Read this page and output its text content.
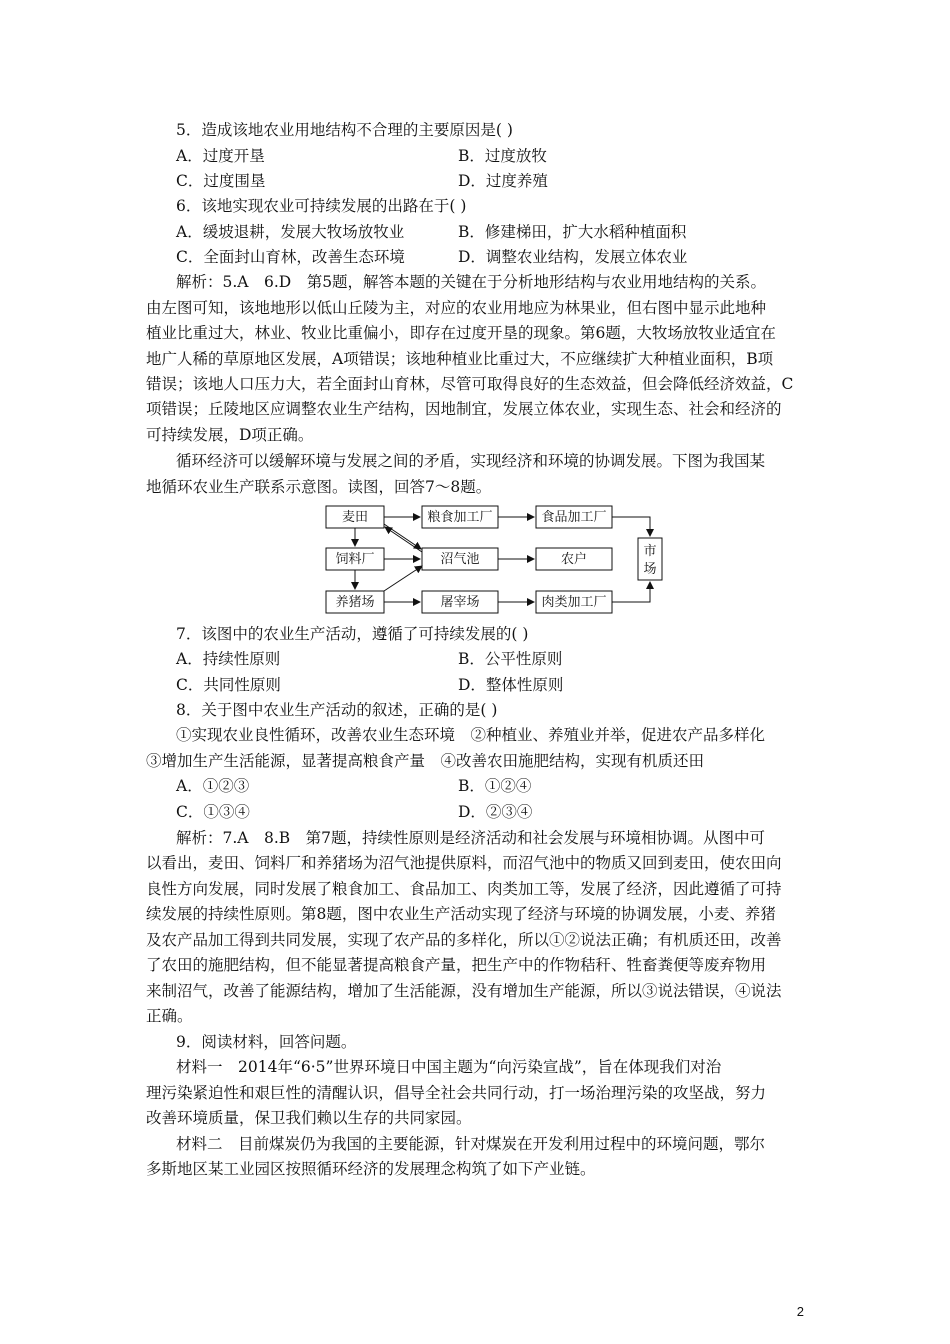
5．造成该地农业用地结构不合理的主要原因是( )
A．过度开垦	B．过度放牧
C．过度围垦	D．过度养殖
6．该地实现农业可持续发展的出路在于( )
A．缓坡退耕，发展大牧场放牧业	B．修建梯田，扩大水稻种植面积
C．全面封山育林，改善生态环境	D．调整农业结构，发展立体农业
解析：5.A　6.D　第5题，解答本题的关键在于分析地形结构与农业用地结构的关系。
由左图可知，该地地形以低山丘陵为主，对应的农业用地应为林果业，但右图中显示此地种
植业比重过大，林业、牧业比重偏小，即存在过度开垦的现象。第6题，大牧场放牧业适宜在
地广人稀的草原地区发展，A项错误；该地种植业比重过大，不应继续扩大种植业面积，B项
错误；该地人口压力大，若全面封山育林，尽管可取得良好的生态效益，但会降低经济效益，C
项错误；丘陵地区应调整农业生产结构，因地制宜，发展立体农业，实现生态、社会和经济的
可持续发展，D项正确。
循环经济可以缓解环境与发展之间的矛盾，实现经济和环境的协调发展。下图为我国某
地循环农业生产联系示意图。读图，回答7～8题。
麦田	粮食加工厂	食品加工厂
饲料厂	沼气池	农户
养猪场	屠宰场	肉类加工厂
市
场
7．该图中的农业生产活动，遵循了可持续发展的( )
A．持续性原则	B．公平性原则
C．共同性原则	D．整体性原则
8．关于图中农业生产活动的叙述，正确的是( )
①实现农业良性循环，改善农业生态环境　②种植业、养殖业并举，促进农产品多样化
③增加生产生活能源，显著提高粮食产量　④改善农田施肥结构，实现有机质还田
A．①②③	B．①②④
C．①③④	D．②③④
解析：7.A　8.B　第7题，持续性原则是经济活动和社会发展与环境相协调。从图中可
以看出，麦田、饲料厂和养猪场为沼气池提供原料，而沼气池中的物质又回到麦田，使农田向
良性方向发展，同时发展了粮食加工、食品加工、肉类加工等，发展了经济，因此遵循了可持
续发展的持续性原则。第8题，图中农业生产活动实现了经济与环境的协调发展，小麦、养猪
及农产品加工得到共同发展，实现了农产品的多样化，所以①②说法正确；有机质还田，改善
了农田的施肥结构，但不能显著提高粮食产量，把生产中的作物秸秆、牲畜粪便等废弃物用
来制沼气，改善了能源结构，增加了生活能源，没有增加生产能源，所以③说法错误，④说法
正确。
9．阅读材料，回答问题。
材料一　2014年“6·5”世界环境日中国主题为“向污染宣战”，旨在体现我们对治
理污染紧迫性和艰巨性的清醒认识，倡导全社会共同行动，打一场治理污染的攻坚战，努力
改善环境质量，保卫我们赖以生存的共同家园。
材料二　目前煤炭仍为我国的主要能源，针对煤炭在开发利用过程中的环境问题，鄂尔
多斯地区某工业园区按照循环经济的发展理念构筑了如下产业链。
2
